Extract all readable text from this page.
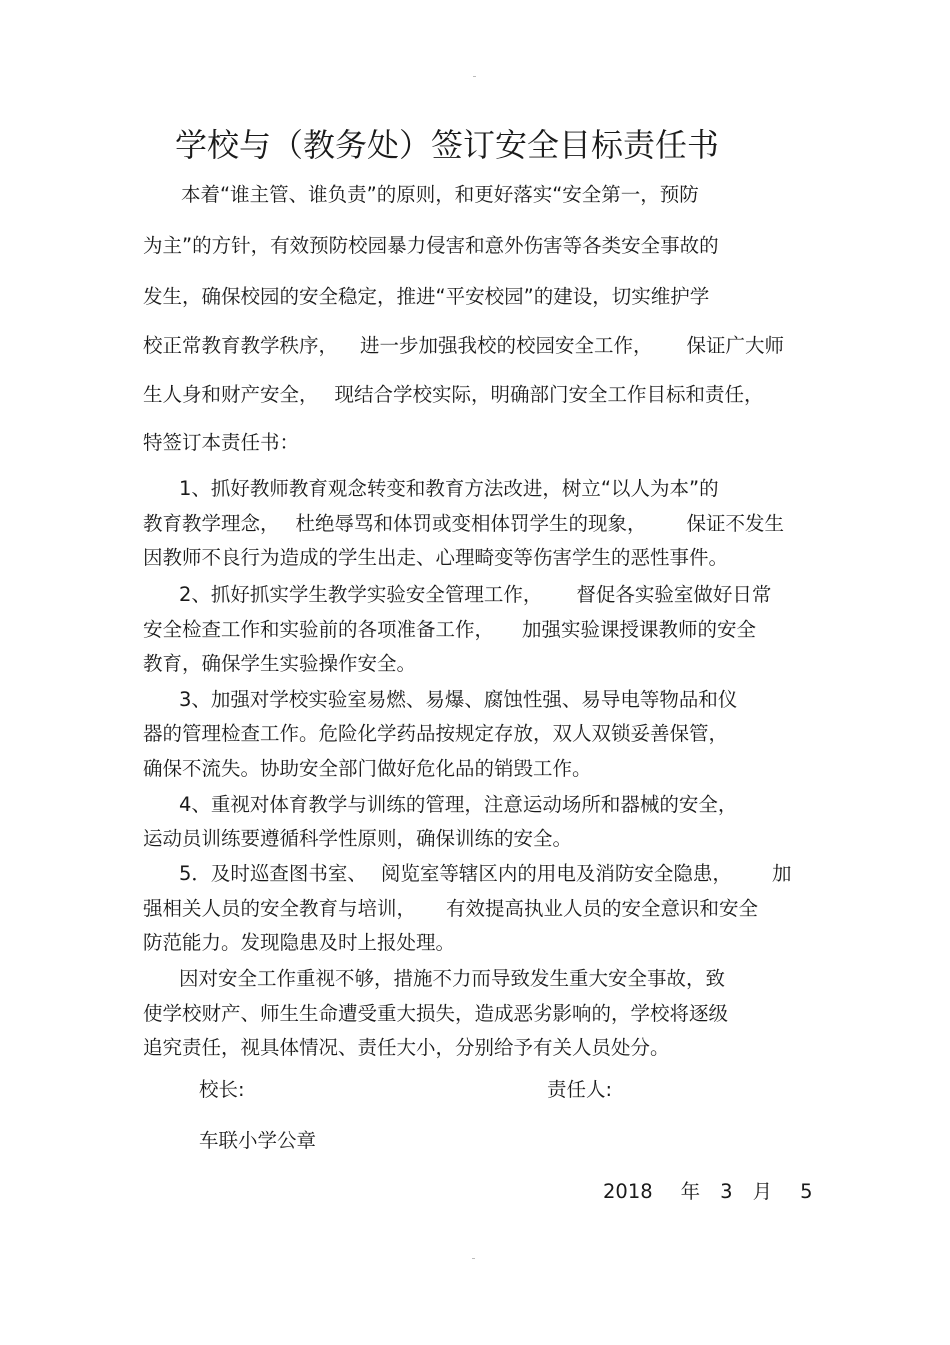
学校与（教务处）签订安全目标责任书
本着“谁主管、谁负责”的原则，和更好落实“安全第一，预防
为主”的方针，有效预防校园暴力侵害和意外伤害等各类安全事故的
发生，确保校园的安全稳定，推进“平安校园”的建设，切实维护学
校正常教育教学秩序， 进一步加强我校的校园安全工作， 保证广大师
生人身和财产安全， 现结合学校实际，明确部门安全工作目标和责任，
特签订本责任书：
1、抓好教师教育观念转变和教育方法改进，树立“以人为本”的
教育教学理念， 杜绝辱骂和体罚或变相体罚学生的现象， 保证不发生
因教师不良行为造成的学生出走、心理畸变等伤害学生的恶性事件。
2、抓好抓实学生教学实验安全管理工作， 督促各实验室做好日常
安全检查工作和实验前的各项准备工作， 加强实验课授课教师的安全
教育，确保学生实验操作安全。
3、加强对学校实验室易燃、易爆、腐蚀性强、易导电等物品和仪
器的管理检查工作。危险化学药品按规定存放，双人双锁妥善保管，
确保不流失。协助安全部门做好危化品的销毁工作。
4、重视对体育教学与训练的管理，注意运动场所和器械的安全，
运动员训练要遵循科学性原则，确保训练的安全。
5．及时巡查图书室、 阅览室等辖区内的用电及消防安全隐患， 加
强相关人员的安全教育与培训， 有效提高执业人员的安全意识和安全
防范能力。发现隐患及时上报处理。
因对安全工作重视不够，措施不力而导致发生重大安全事故，致
使学校财产、师生生命遭受重大损失，造成恶劣影响的，学校将逐级
追究责任，视具体情况、责任大小，分别给予有关人员处分。
校长:	责任人:
车联小学公章
2018 年 3 月 5
